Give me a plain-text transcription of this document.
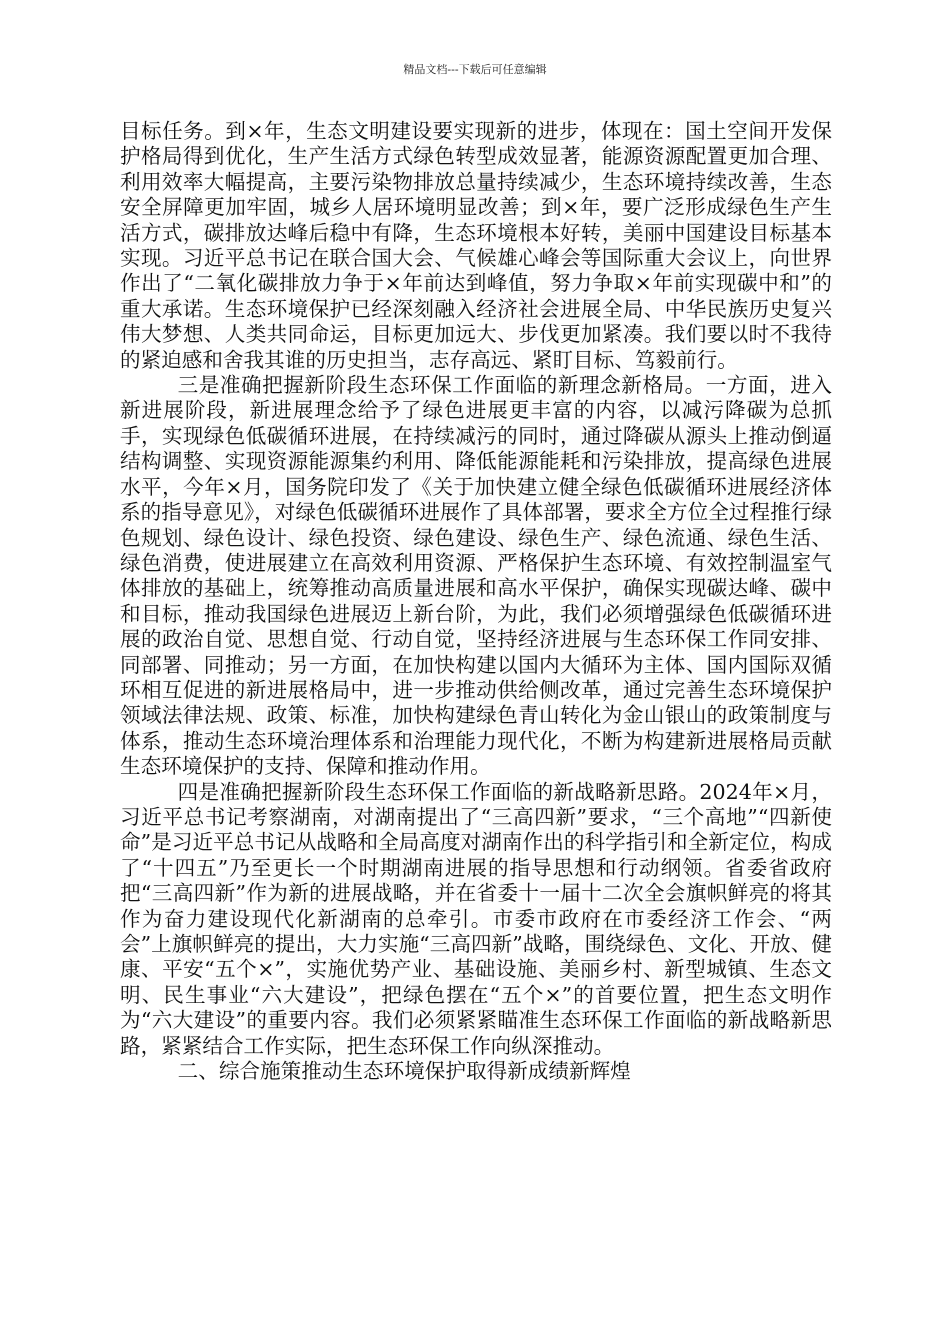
精品文档---下载后可任意编辑

目标任务。到×年，生态文明建设要实现新的进步，体现在：国土空间开发保护格局得到优化，生产生活方式绿色转型成效显著，能源资源配置更加合理、利用效率大幅提高，主要污染物排放总量持续减少，生态环境持续改善，生态安全屏障更加牢固，城乡人居环境明显改善；到×年，要广泛形成绿色生产生活方式，碳排放达峰后稳中有降，生态环境根本好转，美丽中国建设目标基本实现。习近平总书记在联合国大会、气候雄心峰会等国际重大会议上，向世界作出了“二氧化碳排放力争于×年前达到峰值，努力争取×年前实现碳中和”的重大承诺。生态环境保护已经深刻融入经济社会进展全局、中华民族历史复兴伟大梦想、人类共同命运，目标更加远大、步伐更加紧凑。我们要以时不我待的紧迫感和舍我其谁的历史担当，志存高远、紧盯目标、笃毅前行。

三是准确把握新阶段生态环保工作面临的新理念新格局。一方面，进入新进展阶段，新进展理念给予了绿色进展更丰富的内容，以减污降碳为总抓手，实现绿色低碳循环进展，在持续减污的同时，通过降碳从源头上推动倒逼结构调整、实现资源能源集约利用、降低能源能耗和污染排放，提高绿色进展水平，今年×月，国务院印发了《关于加快建立健全绿色低碳循环进展经济体系的指导意见》，对绿色低碳循环进展作了具体部署，要求全方位全过程推行绿色规划、绿色设计、绿色投资、绿色建设、绿色生产、绿色流通、绿色生活、绿色消费，使进展建立在高效利用资源、严格保护生态环境、有效控制温室气体排放的基础上，统筹推动高质量进展和高水平保护，确保实现碳达峰、碳中和目标，推动我国绿色进展迈上新台阶，为此，我们必须增强绿色低碳循环进展的政治自觉、思想自觉、行动自觉，坚持经济进展与生态环保工作同安排、同部署、同推动；另一方面，在加快构建以国内大循环为主体、国内国际双循环相互促进的新进展格局中，进一步推动供给侧改革，通过完善生态环境保护领域法律法规、政策、标准，加快构建绿色青山转化为金山银山的政策制度与体系，推动生态环境治理体系和治理能力现代化，不断为构建新进展格局贡献生态环境保护的支持、保障和推动作用。

四是准确把握新阶段生态环保工作面临的新战略新思路。2024年×月，习近平总书记考察湖南，对湖南提出了“三高四新”要求，“三个高地”“四新使命”是习近平总书记从战略和全局高度对湖南作出的科学指引和全新定位，构成了“十四五”乃至更长一个时期湖南进展的指导思想和行动纲领。省委省政府把“三高四新”作为新的进展战略，并在省委十一届十二次全会旗帜鲜亮的将其作为奋力建设现代化新湖南的总牵引。市委市政府在市委经济工作会、“两会”上旗帜鲜亮的提出，大力实施“三高四新”战略，围绕绿色、文化、开放、健康、平安“五个×”，实施优势产业、基础设施、美丽乡村、新型城镇、生态文明、民生事业“六大建设”，把绿色摆在“五个×”的首要位置，把生态文明作为“六大建设”的重要内容。我们必须紧紧瞄准生态环保工作面临的新战略新思路，紧紧结合工作实际，把生态环保工作向纵深推动。

二、综合施策推动生态环境保护取得新成绩新辉煌
